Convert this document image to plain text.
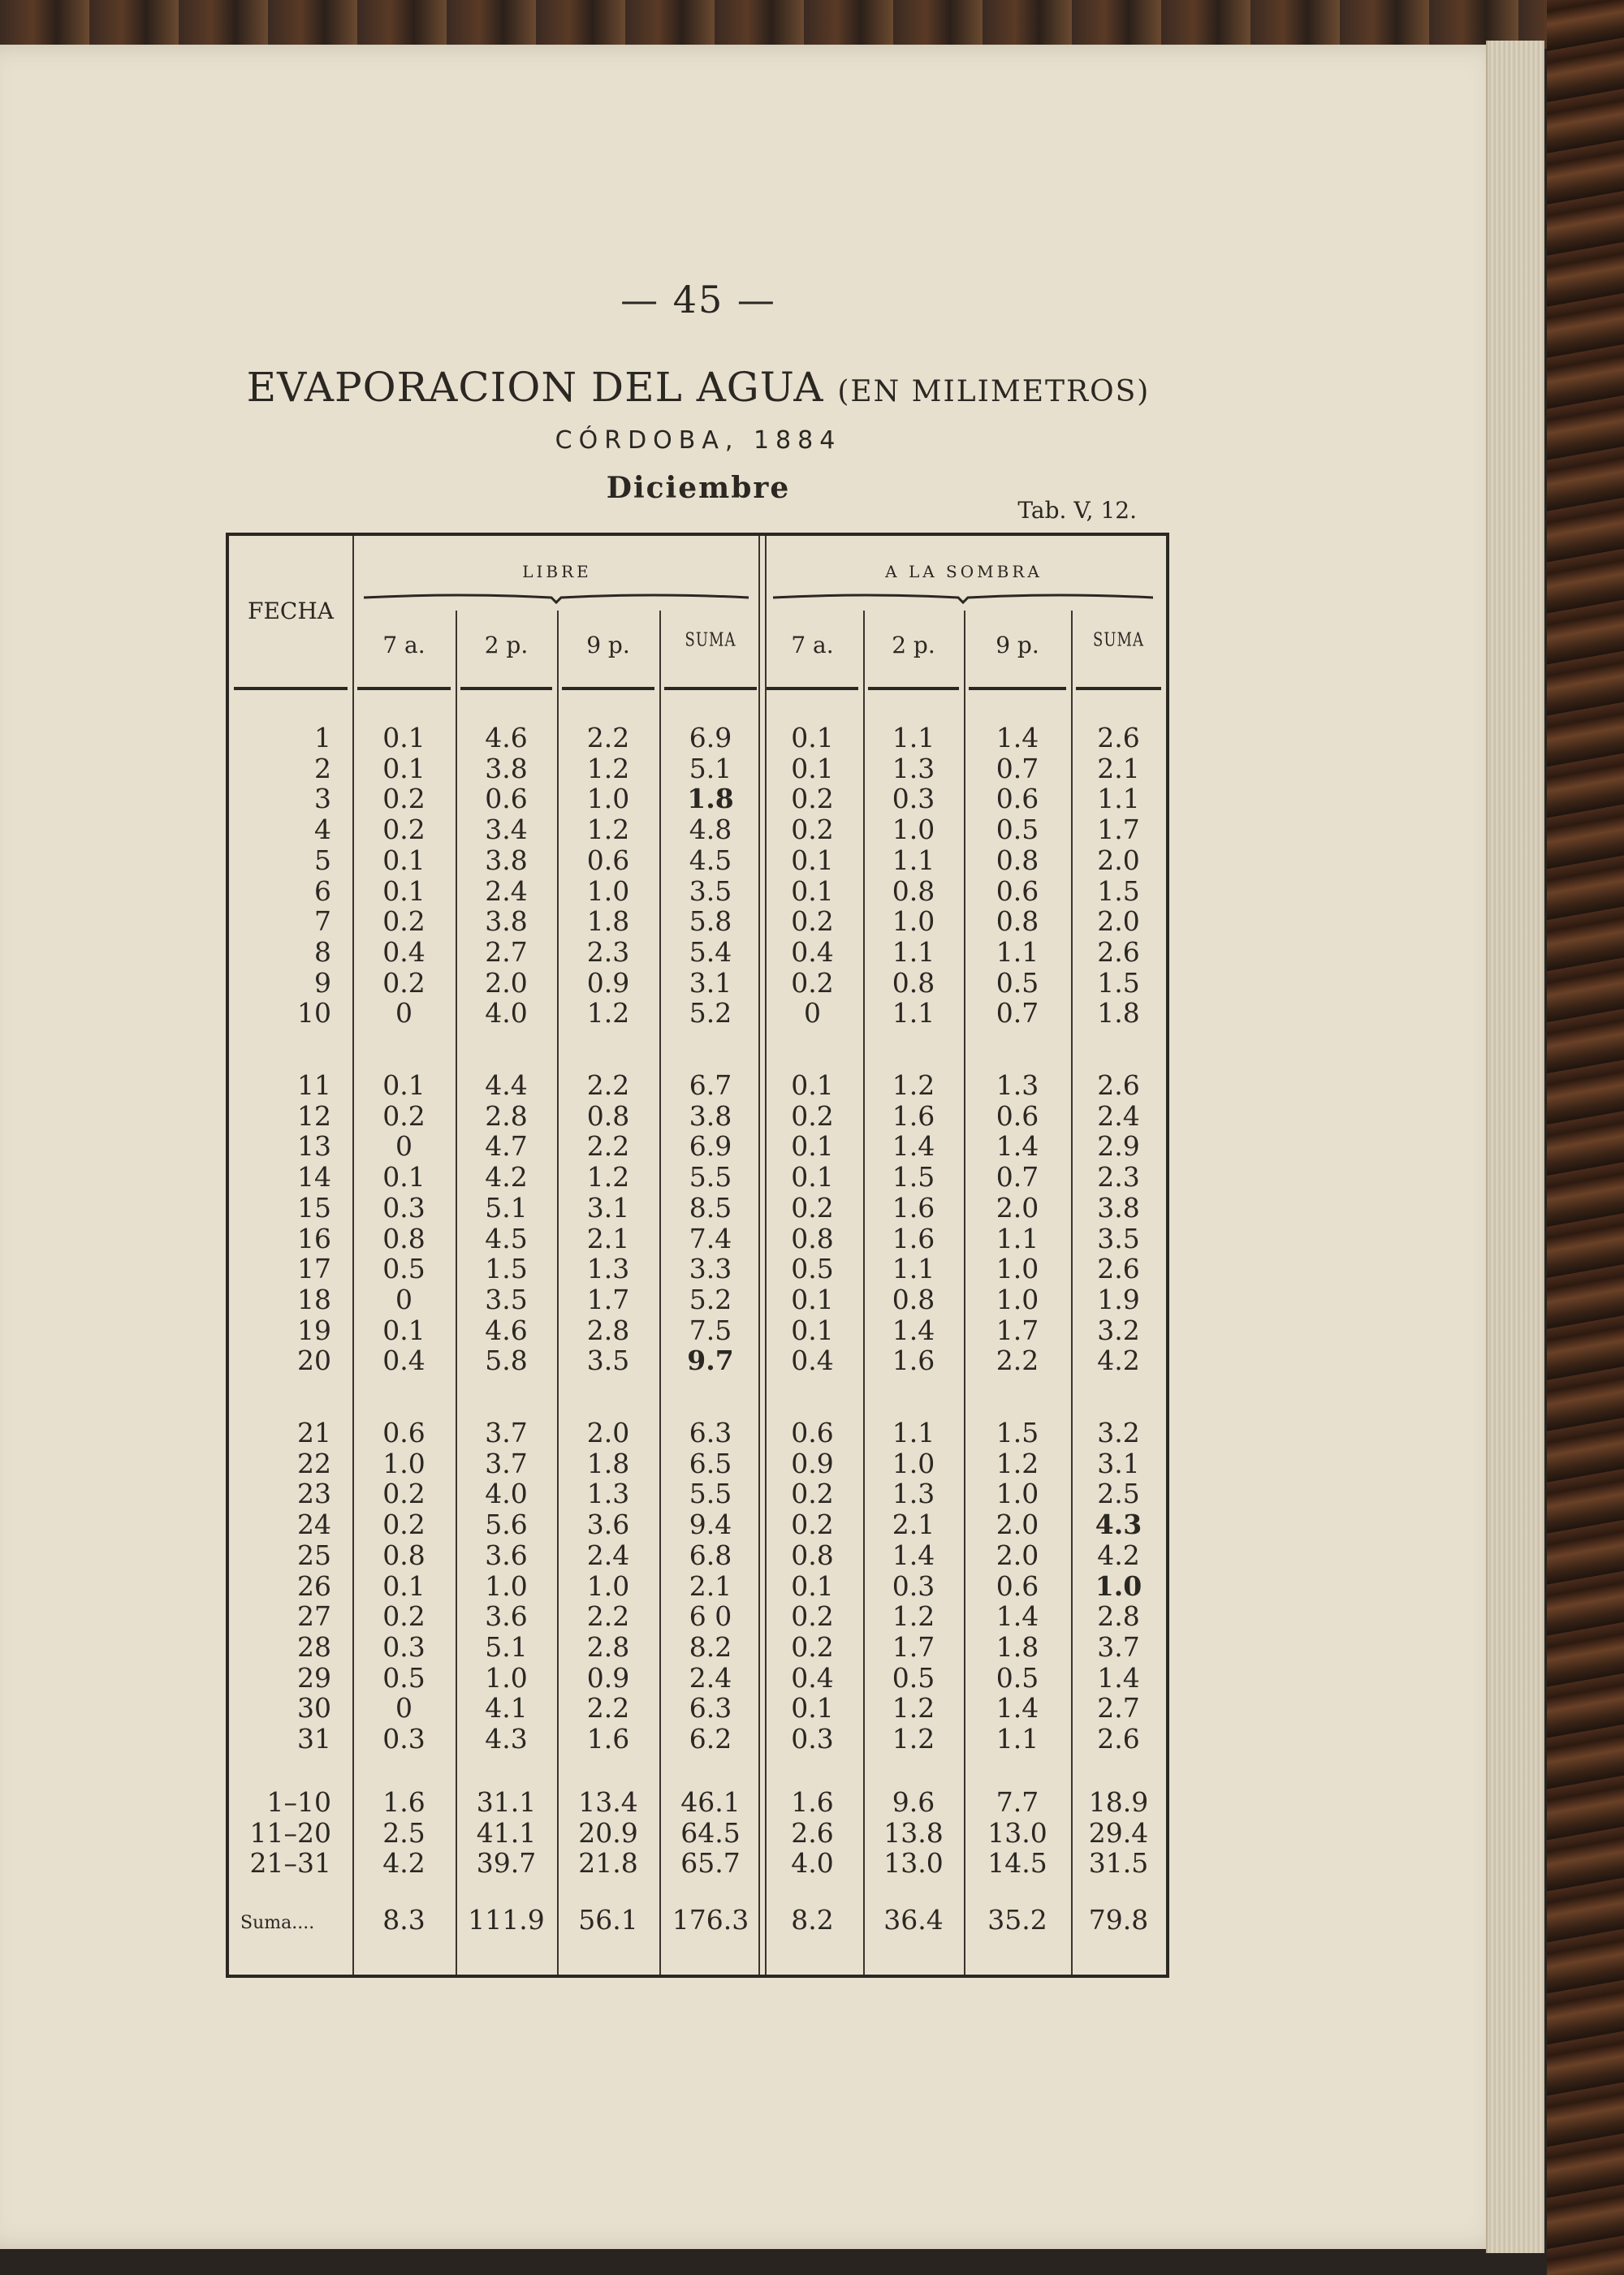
— 45 —
EVAPORACION DEL AGUA (EN MILIMETROS)
CÓRDOBA, 1884
Diciembre
Tab. V, 12.
FECHA
LIBRE	A LA SOMBRA
7 a.	2 p.	9 p.	SUMA	7 a.	2 p.	9 p.	SUMA
1	0.1	4.6	2.2	6.9	0.1	1.1	1.4	2.6
2	0.1	3.8	1.2	5.1	0.1	1.3	0.7	2.1
3	0.2	0.6	1.0	1.8	0.2	0.3	0.6	1.1
4	0.2	3.4	1.2	4.8	0.2	1.0	0.5	1.7
5	0.1	3.8	0.6	4.5	0.1	1.1	0.8	2.0
6	0.1	2.4	1.0	3.5	0.1	0.8	0.6	1.5
7	0.2	3.8	1.8	5.8	0.2	1.0	0.8	2.0
8	0.4	2.7	2.3	5.4	0.4	1.1	1.1	2.6
9	0.2	2.0	0.9	3.1	0.2	0.8	0.5	1.5
10	0	4.0	1.2	5.2	0	1.1	0.7	1.8
11	0.1	4.4	2.2	6.7	0.1	1.2	1.3	2.6
12	0.2	2.8	0.8	3.8	0.2	1.6	0.6	2.4
13	0	4.7	2.2	6.9	0.1	1.4	1.4	2.9
14	0.1	4.2	1.2	5.5	0.1	1.5	0.7	2.3
15	0.3	5.1	3.1	8.5	0.2	1.6	2.0	3.8
16	0.8	4.5	2.1	7.4	0.8	1.6	1.1	3.5
17	0.5	1.5	1.3	3.3	0.5	1.1	1.0	2.6
18	0	3.5	1.7	5.2	0.1	0.8	1.0	1.9
19	0.1	4.6	2.8	7.5	0.1	1.4	1.7	3.2
20	0.4	5.8	3.5	9.7	0.4	1.6	2.2	4.2
21	0.6	3.7	2.0	6.3	0.6	1.1	1.5	3.2
22	1.0	3.7	1.8	6.5	0.9	1.0	1.2	3.1
23	0.2	4.0	1.3	5.5	0.2	1.3	1.0	2.5
24	0.2	5.6	3.6	9.4	0.2	2.1	2.0	4.3
25	0.8	3.6	2.4	6.8	0.8	1.4	2.0	4.2
26	0.1	1.0	1.0	2.1	0.1	0.3	0.6	1.0
27	0.2	3.6	2.2	6 0	0.2	1.2	1.4	2.8
28	0.3	5.1	2.8	8.2	0.2	1.7	1.8	3.7
29	0.5	1.0	0.9	2.4	0.4	0.5	0.5	1.4
30	0	4.1	2.2	6.3	0.1	1.2	1.4	2.7
31	0.3	4.3	1.6	6.2	0.3	1.2	1.1	2.6
1–10	1.6	31.1	13.4	46.1	1.6	9.6	7.7	18.9
11–20	2.5	41.1	20.9	64.5	2.6	13.8	13.0	29.4
21–31	4.2	39.7	21.8	65.7	4.0	13.0	14.5	31.5
Suma....	8.3	111.9	56.1	176.3	8.2	36.4	35.2	79.8
